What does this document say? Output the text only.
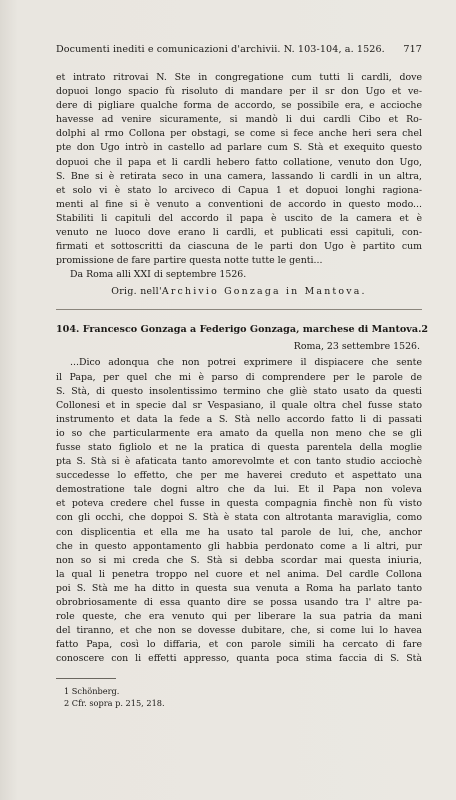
Documenti inediti e comunicazioni d'archivii. N. 103-104, a. 1526. 717
et intrato ritrovai N. Ste in congregatione cum tutti li cardli, dove
dopuoi longo spacio fù risoluto di mandare per il sr don Ugo et ve-
dere di pigliare qualche forma de accordo, se possibile era, e accioche
havesse ad venire sicuramente, si mandò li dui cardli Cibo et Ro-
dolphi al rmo Collona per obstagi, se come si fece anche heri sera chel
pte don Ugo intrò in castello ad parlare cum S. Stà et exequito questo
dopuoi che il papa et li cardli hebero fatto collatione, venuto don Ugo,
S. Bne si è retirata seco in una camera, lassando li cardli in un altra,
et solo vi è stato lo arciveco di Capua 1 et dopuoi longhi ragiona-
menti al fine si è venuto a conventioni de accordo in questo modo...
Stabiliti li capituli del accordo il papa è uscito de la camera et è
venuto ne luoco dove erano li cardli, et publicati essi capituli, con-
firmati et sottoscritti da ciascuna de le parti don Ugo è partito cum
promissione de fare partire questa notte tutte le genti...
Da Roma alli XXI di septembre 1526.
Orig. nell'Archivio Gonzaga in Mantova.
104. Francesco Gonzaga a Federigo Gonzaga, marchese di Mantova.2
Roma, 23 settembre 1526.
...Dico adonqua che non potrei exprimere il dispiacere che sente
il Papa, per quel che mi è parso di comprendere per le parole de
S. Stà, di questo insolentissimo termino che gliè stato usato da questi
Collonesi et in specie dal sr Vespasiano, il quale oltra chel fusse stato
instrumento et data la fede a S. Stà nello accordo fatto li di passati
io so che particularmente era amato da quella non meno che se gli
fusse stato figliolo et ne la pratica di questa parentela della moglie
pta S. Stà si è afaticata tanto amorevolmte et con tanto studio acciochè
succedesse lo effetto, che per me haverei creduto et aspettato una
demostratione tale dogni altro che da lui. Et il Papa non voleva
et poteva credere chel fusse in questa compagnia finchè non fù visto
con gli occhi, che doppoi S. Stà è stata con altrotanta maraviglia, como
con displicentia et ella me ha usato tal parole de lui, che, anchor
che in questo appontamento gli habbia perdonato come a li altri, pur
non so si mi creda che S. Stà si debba scordar mai questa iniuria,
la qual li penetra troppo nel cuore et nel anima. Del cardle Collona
poi S. Stà me ha ditto in questa sua venuta a Roma ha parlato tanto
obrobriosamente di essa quanto dire se possa usando tra l' altre pa-
role queste, che era venuto qui per liberare la sua patria da mani
del tiranno, et che non se dovesse dubitare, che, si come lui lo havea
fatto Papa, così lo diffaria, et con parole simili ha cercato di fare
conoscere con li effetti appresso, quanta poca stima faccia di S. Stà
1 Schönberg.
2 Cfr. sopra p. 215, 218.
